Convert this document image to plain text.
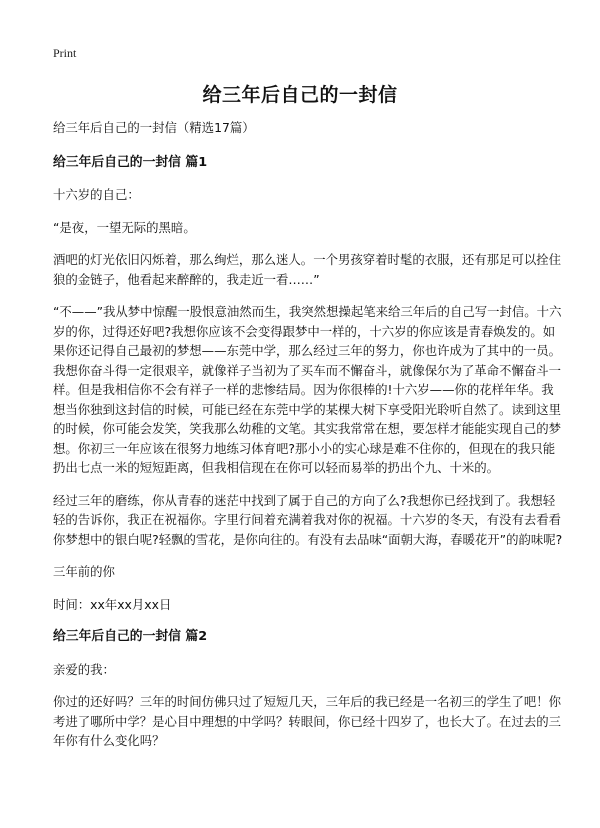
Print
给三年后自己的一封信

给三年后自己的一封信（精选17篇）

给三年后自己的一封信 篇1

十六岁的自己：

“是夜，一望无际的黑暗。

酒吧的灯光依旧闪烁着，那么绚烂，那么迷人。一个男孩穿着时髦的衣服，还有那足可以拴住狼的金链子，他看起来醉醉的，我走近一看……”

“不——”我从梦中惊醒一股恨意油然而生，我突然想操起笔来给三年后的自己写一封信。十六岁的你，过得还好吧?我想你应该不会变得跟梦中一样的，十六岁的你应该是青春焕发的。如果你还记得自己最初的梦想——东莞中学，那么经过三年的努力，你也许成为了其中的一员。我想你奋斗得一定很艰辛，就像祥子当初为了买车而不懈奋斗，就像保尔为了革命不懈奋斗一样。但是我相信你不会有祥子一样的悲惨结局。因为你很棒的!十六岁——你的花样年华。我想当你独到这封信的时候，可能已经在东莞中学的某棵大树下享受阳光聆听自然了。读到这里的时候，你可能会发笑，笑我那么幼稚的文笔。其实我常常在想，要怎样才能能实现自己的梦想。你初三一年应该在很努力地练习体育吧?那小小的实心球是难不住你的，但现在的我只能扔出七点一米的短短距离，但我相信现在在你可以轻而易举的扔出个九、十米的。

经过三年的磨练，你从青春的迷茫中找到了属于自己的方向了么?我想你已经找到了。我想轻轻的告诉你，我正在祝福你。字里行间着充满着我对你的祝福。十六岁的冬天，有没有去看看你梦想中的银白呢?轻飘的雪花，是你向往的。有没有去品味“面朝大海，春暖花开”的韵味呢?

三年前的你

时间：xx年xx月xx日

给三年后自己的一封信 篇2

亲爱的我：

你过的还好吗？三年的时间仿佛只过了短短几天，三年后的我已经是一名初三的学生了吧！你考进了哪所中学？是心目中理想的中学吗？转眼间，你已经十四岁了，也长大了。在过去的三年你有什么变化吗？
